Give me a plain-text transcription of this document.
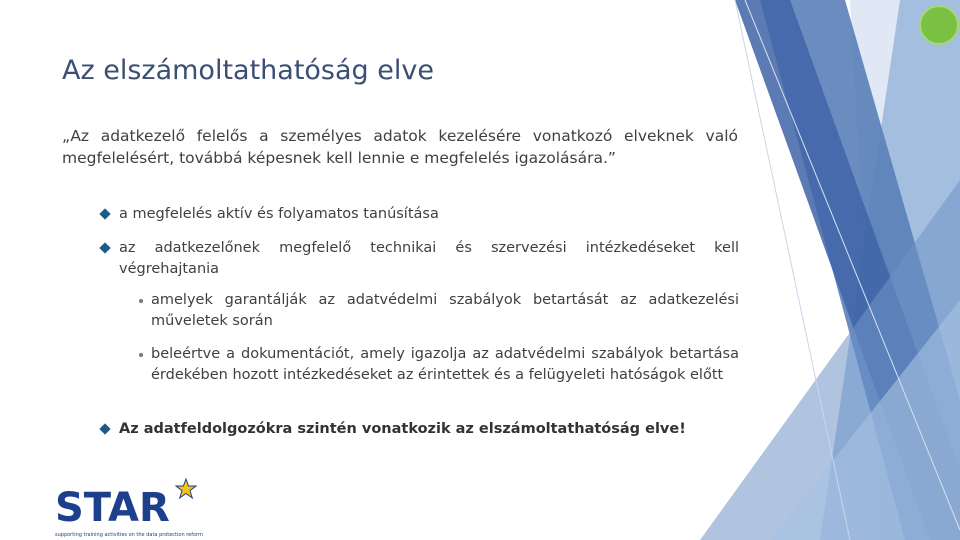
Az elszámoltathatóság elve
„Az adatkezelő felelős a személyes adatok kezelésére vonatkozó elveknek való megfelelésért, továbbá képesnek kell lennie e megfelelés igazolására.”
a megfelelés aktív és folyamatos tanúsítása
az adatkezelőnek megfelelő technikai és szervezési intézkedéseket kell végrehajtania
amelyek garantálják az adatvédelmi szabályok betartását az adatkezelési műveletek során
beleértve a dokumentációt, amely igazolja az adatvédelmi szabályok betartása érdekében hozott intézkedéseket az érintettek és a felügyeleti hatóságok előtt
Az adatfeldolgozókra szintén vonatkozik az elszámoltathatóság elve!
STAR
supporting training activities on the data protection reform
